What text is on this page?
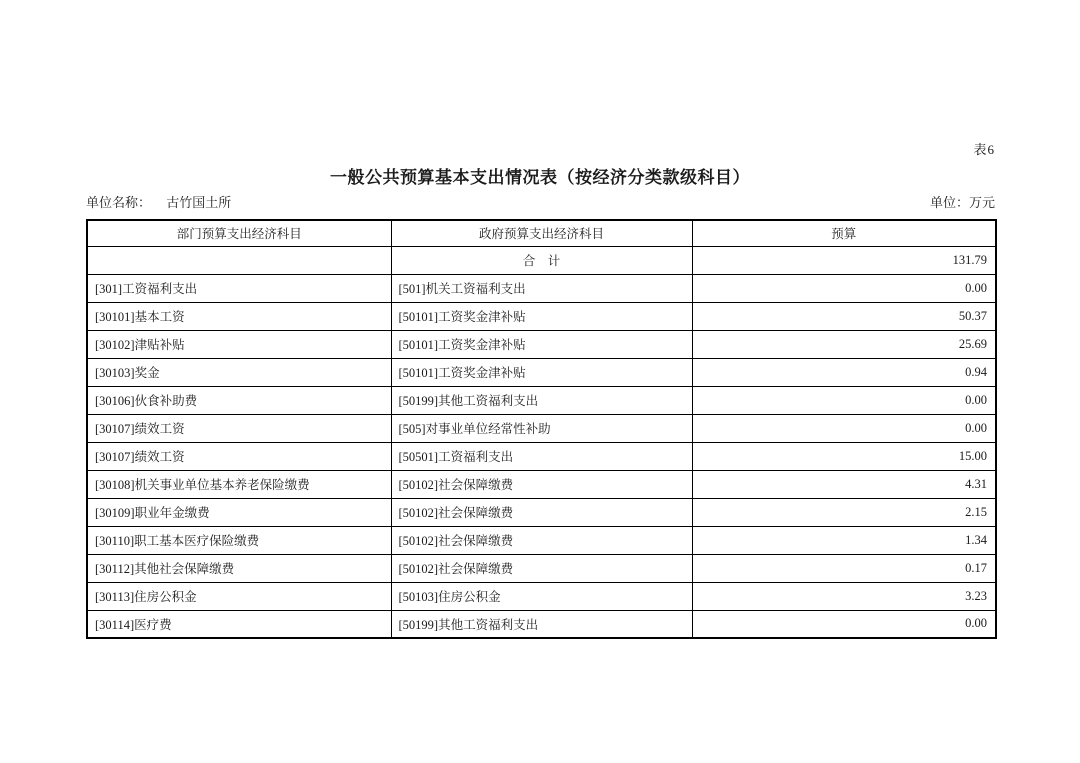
表6
一般公共预算基本支出情况表（按经济分类款级科目）
单位名称： 古竹国土所	单位：万元
部门预算支出经济科目	政府预算支出经济科目	预算
	合    计	131.79
[301]工资福利支出	[501]机关工资福利支出	0.00
[30101]基本工资	[50101]工资奖金津补贴	50.37
[30102]津贴补贴	[50101]工资奖金津补贴	25.69
[30103]奖金	[50101]工资奖金津补贴	0.94
[30106]伙食补助费	[50199]其他工资福利支出	0.00
[30107]绩效工资	[505]对事业单位经常性补助	0.00
[30107]绩效工资	[50501]工资福利支出	15.00
[30108]机关事业单位基本养老保险缴费	[50102]社会保障缴费	4.31
[30109]职业年金缴费	[50102]社会保障缴费	2.15
[30110]职工基本医疗保险缴费	[50102]社会保障缴费	1.34
[30112]其他社会保障缴费	[50102]社会保障缴费	0.17
[30113]住房公积金	[50103]住房公积金	3.23
[30114]医疗费	[50199]其他工资福利支出	0.00
